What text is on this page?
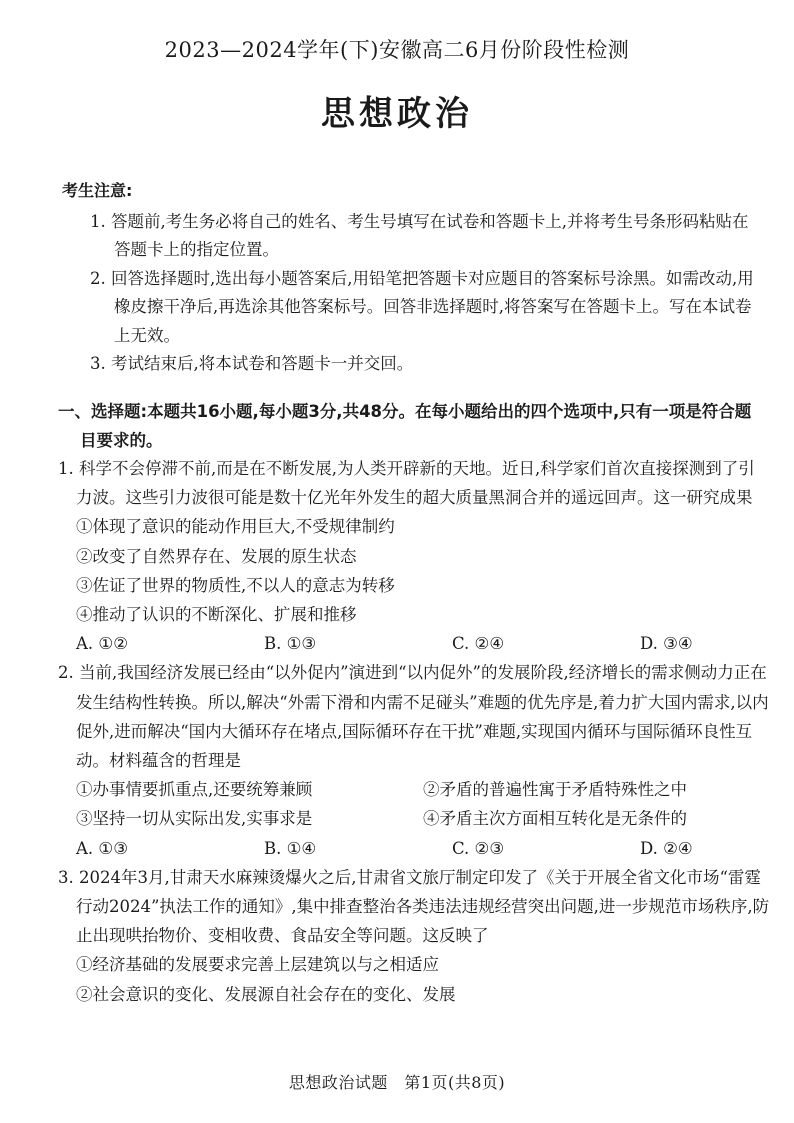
2023—2024学年(下)安徽高二6月份阶段性检测
思想政治
考生注意:
1. 答题前,考生务必将自己的姓名、考生号填写在试卷和答题卡上,并将考生号条形码粘贴在答题卡上的指定位置。
2. 回答选择题时,选出每小题答案后,用铅笔把答题卡对应题目的答案标号涂黑。如需改动,用橡皮擦干净后,再选涂其他答案标号。回答非选择题时,将答案写在答题卡上。写在本试卷上无效。
3. 考试结束后,将本试卷和答题卡一并交回。
一、选择题:本题共16小题,每小题3分,共48分。在每小题给出的四个选项中,只有一项是符合题目要求的。
1. 科学不会停滞不前,而是在不断发展,为人类开辟新的天地。近日,科学家们首次直接探测到了引力波。这些引力波很可能是数十亿光年外发生的超大质量黑洞合并的遥远回声。这一研究成果
①体现了意识的能动作用巨大,不受规律制约
②改变了自然界存在、发展的原生状态
③佐证了世界的物质性,不以人的意志为转移
④推动了认识的不断深化、扩展和推移
A. ①②	B. ①③	C. ②④	D. ③④
2. 当前,我国经济发展已经由“以外促内”演进到“以内促外”的发展阶段,经济增长的需求侧动力正在发生结构性转换。所以,解决“外需下滑和内需不足碰头”难题的优先序是,着力扩大国内需求,以内促外,进而解决“国内大循环存在堵点,国际循环存在干扰”难题,实现国内循环与国际循环良性互动。材料蕴含的哲理是
①办事情要抓重点,还要统筹兼顾	②矛盾的普遍性寓于矛盾特殊性之中
③坚持一切从实际出发,实事求是	④矛盾主次方面相互转化是无条件的
A. ①③	B. ①④	C. ②③	D. ②④
3. 2024年3月,甘肃天水麻辣烫爆火之后,甘肃省文旅厅制定印发了《关于开展全省文化市场“雷霆行动2024”执法工作的通知》,集中排查整治各类违法违规经营突出问题,进一步规范市场秩序,防止出现哄抬物价、变相收费、食品安全等问题。这反映了
①经济基础的发展要求完善上层建筑以与之相适应
②社会意识的变化、发展源自社会存在的变化、发展
思想政治试题　第1页(共8页)
